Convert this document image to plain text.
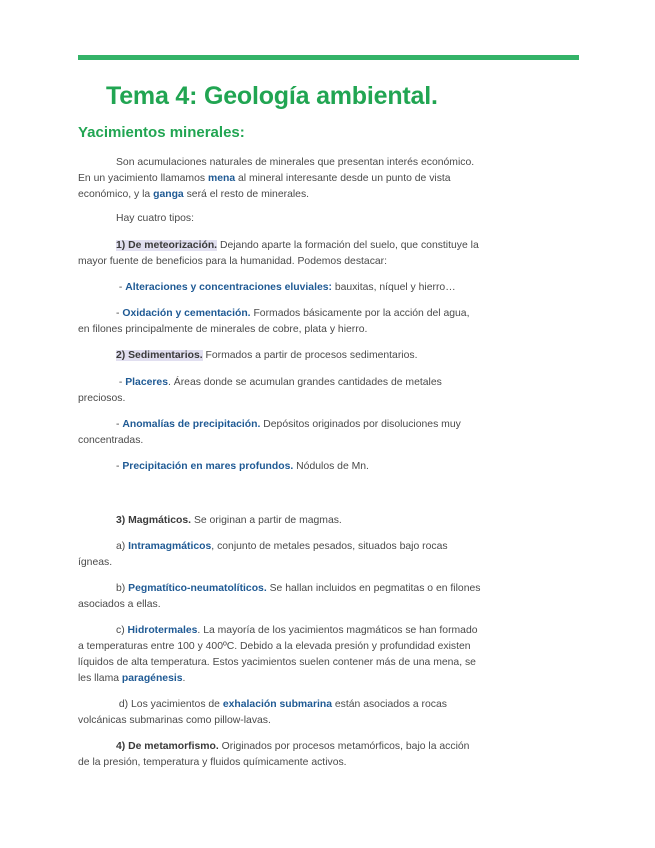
Tema 4: Geología ambiental.
Yacimientos minerales:

Son acumulaciones naturales de minerales que presentan interés económico.

En un yacimiento llamamos mena al mineral interesante desde un punto de vista

económico, y la ganga será el resto de minerales.

Hay cuatro tipos:

1) De meteorización. Dejando aparte la formación del suelo, que constituye la

mayor fuente de beneficios para la humanidad. Podemos destacar:

- Alteraciones y concentraciones eluviales: bauxitas, níquel y hierro…

- Oxidación y cementación. Formados básicamente por la acción del agua,

en filones principalmente de minerales de cobre, plata y hierro.

2) Sedimentarios. Formados a partir de procesos sedimentarios.

- Placeres. Áreas donde se acumulan grandes cantidades de metales

preciosos.

- Anomalías de precipitación. Depósitos originados por disoluciones muy

concentradas.

- Precipitación en mares profundos. Nódulos de Mn.

3) Magmáticos. Se originan a partir de magmas.

a) Intramagmáticos, conjunto de metales pesados, situados bajo rocas

ígneas.

b) Pegmatítico-neumatolíticos. Se hallan incluidos en pegmatitas o en filones

asociados a ellas.

c) Hidrotermales. La mayoría de los yacimientos magmáticos se han formado

a temperaturas entre 100 y 400ºC. Debido a la elevada presión y profundidad existen

líquidos de alta temperatura. Estos yacimientos suelen contener más de una mena, se

les llama paragénesis.

d) Los yacimientos de exhalación submarina están asociados a rocas

volcánicas submarinas como pillow-lavas.

4) De metamorfismo. Originados por procesos metamórficos, bajo la acción

de la presión, temperatura y fluidos químicamente activos.
